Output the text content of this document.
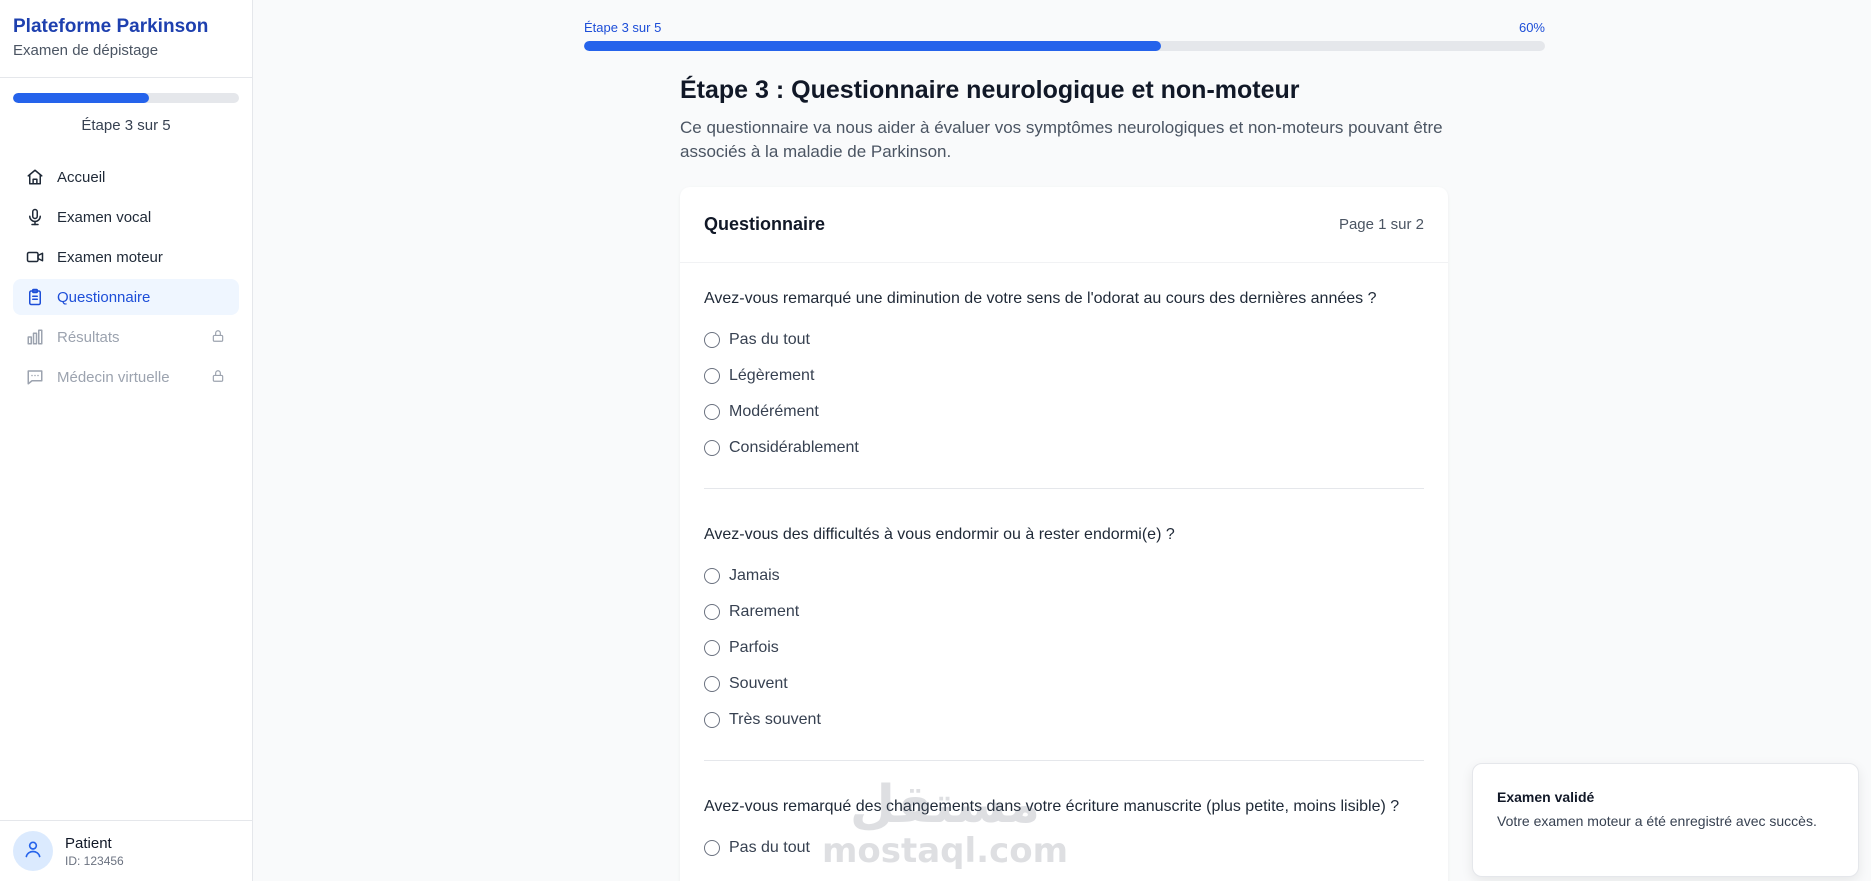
Plateforme Parkinson
Examen de dépistage
Étape 3 sur 5
Accueil
Examen vocal
Examen moteur
Questionnaire
Résultats
Médecin virtuelle
Patient
ID: 123456
Étape 3 sur 5	60%
Étape 3 : Questionnaire neurologique et non-moteur

Ce questionnaire va nous aider à évaluer vos symptômes neurologiques et non-moteurs pouvant être associés à la maladie de Parkinson.

Questionnaire	Page 1 sur 2
Avez-vous remarqué une diminution de votre sens de l'odorat au cours des dernières années ?
Pas du tout
Légèrement
Modérément
Considérablement
Avez-vous des difficultés à vous endormir ou à rester endormi(e) ?
Jamais
Rarement
Parfois
Souvent
Très souvent
Avez-vous remarqué des changements dans votre écriture manuscrite (plus petite, moins lisible) ?
Pas du tout
مستقل
mostaql.com
Examen validé
Votre examen moteur a été enregistré avec succès.
